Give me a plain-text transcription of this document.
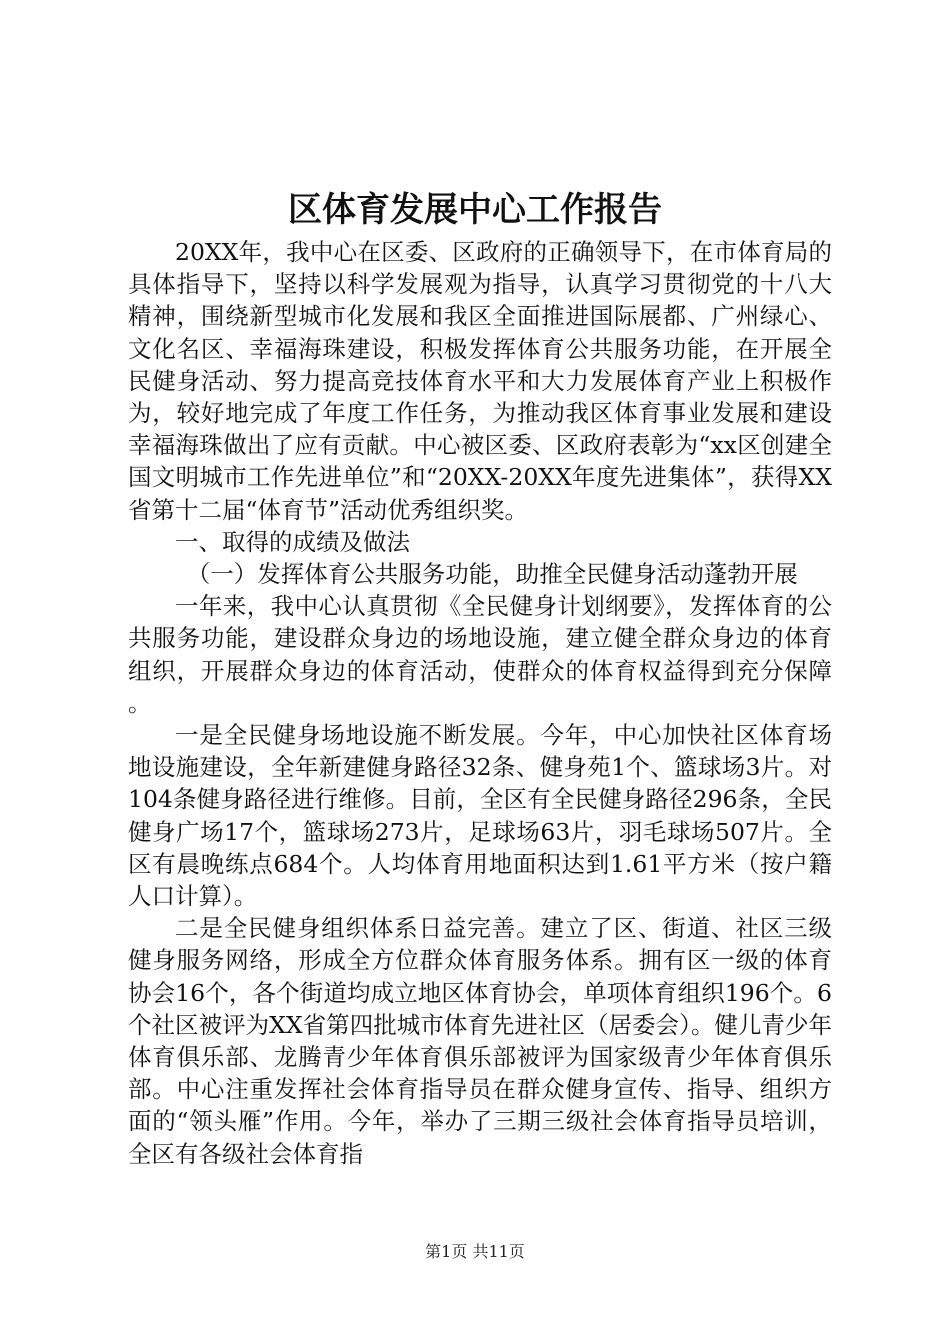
区体育发展中心工作报告

20XX年，我中心在区委、区政府的正确领导下，在市体育局的具体指导下，坚持以科学发展观为指导，认真学习贯彻党的十八大精神，围绕新型城市化发展和我区全面推进国际展都、广州绿心、文化名区、幸福海珠建设，积极发挥体育公共服务功能，在开展全民健身活动、努力提高竞技体育水平和大力发展体育产业上积极作为，较好地完成了年度工作任务，为推动我区体育事业发展和建设幸福海珠做出了应有贡献。中心被区委、区政府表彰为“xx区创建全国文明城市工作先进单位”和“20XX-20XX年度先进集体”，获得XX省第十二届“体育节”活动优秀组织奖。

一、取得的成绩及做法

（一）发挥体育公共服务功能，助推全民健身活动蓬勃开展

一年来，我中心认真贯彻《全民健身计划纲要》，发挥体育的公共服务功能，建设群众身边的场地设施，建立健全群众身边的体育组织，开展群众身边的体育活动，使群众的体育权益得到充分保障。

一是全民健身场地设施不断发展。今年，中心加快社区体育场地设施建设，全年新建健身路径32条、健身苑1个、篮球场3片。对104条健身路径进行维修。目前，全区有全民健身路径296条，全民健身广场17个，篮球场273片，足球场63片，羽毛球场507片。全区有晨晚练点684个。人均体育用地面积达到1.61平方米（按户籍人口计算）。

二是全民健身组织体系日益完善。建立了区、街道、社区三级健身服务网络，形成全方位群众体育服务体系。拥有区一级的体育协会16个，各个街道均成立地区体育协会，单项体育组织196个。6个社区被评为XX省第四批城市体育先进社区（居委会）。健儿青少年体育俱乐部、龙腾青少年体育俱乐部被评为国家级青少年体育俱乐部。中心注重发挥社会体育指导员在群众健身宣传、指导、组织方面的“领头雁”作用。今年，举办了三期三级社会体育指导员培训，全区有各级社会体育指

第1页 共11页
